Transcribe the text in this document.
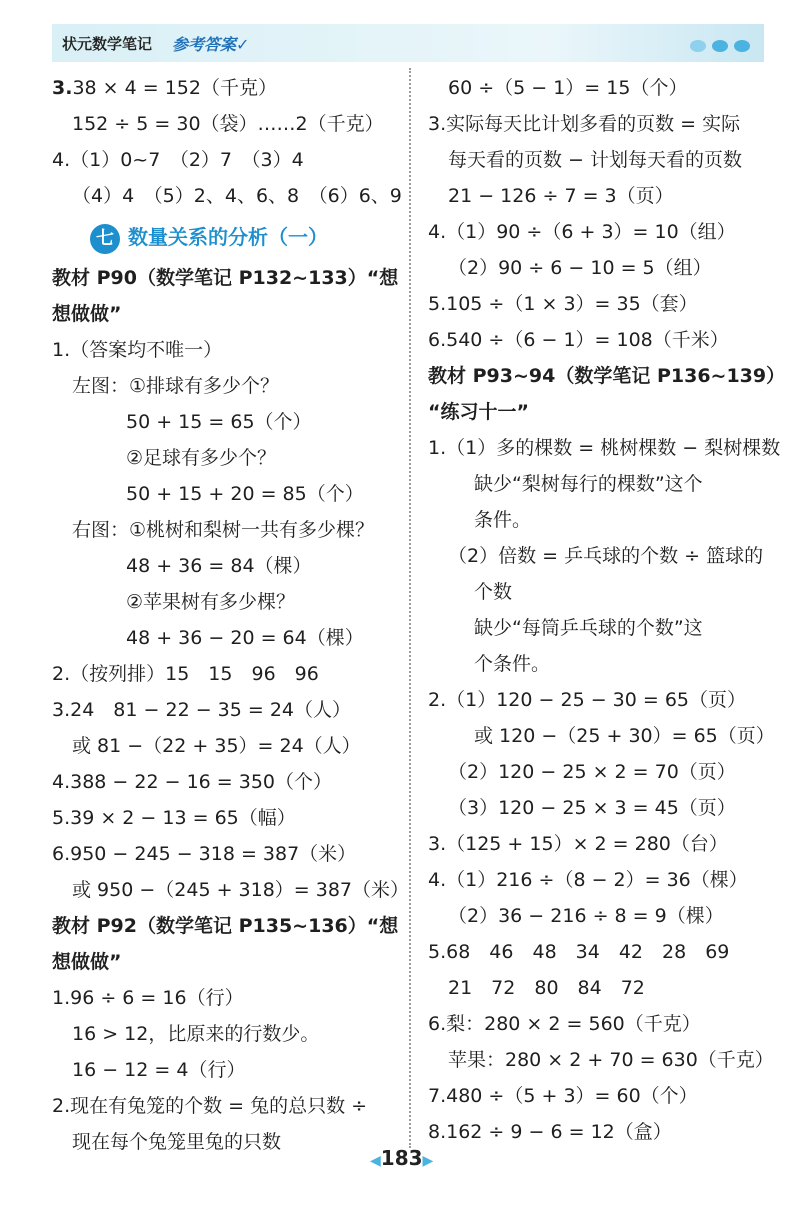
状元数学笔记 参考答案✓
3.38 × 4 = 152（千克）
152 ÷ 5 = 30（袋）……2（千克）
4.（1）0~7　（2）7　（3）4
（4）4　（5）2、4、6、8　（6）6、9
七 数量关系的分析（一）
教材 P90（数学笔记 P132~133）“想
想做做”
1.（答案均不唯一）
左图：①排球有多少个？
50 + 15 = 65（个）
②足球有多少个？
50 + 15 + 20 = 85（个）
右图：①桃树和梨树一共有多少棵？
48 + 36 = 84（棵）
②苹果树有多少棵？
48 + 36 − 20 = 64（棵）
2.（按列排）15　15　96　96
3.24　81 − 22 − 35 = 24（人）
或 81 −（22 + 35）= 24（人）
4.388 − 22 − 16 = 350（个）
5.39 × 2 − 13 = 65（幅）
6.950 − 245 − 318 = 387（米）
或 950 −（245 + 318）= 387（米）
教材 P92（数学笔记 P135~136）“想
想做做”
1.96 ÷ 6 = 16（行）
16 > 12，比原来的行数少。
16 − 12 = 4（行）
2.现在有兔笼的个数 = 兔的总只数 ÷
现在每个兔笼里兔的只数
60 ÷（5 − 1）= 15（个）
3.实际每天比计划多看的页数 = 实际
每天看的页数 − 计划每天看的页数
21 − 126 ÷ 7 = 3（页）
4.（1）90 ÷（6 + 3）= 10（组）
（2）90 ÷ 6 − 10 = 5（组）
5.105 ÷（1 × 3）= 35（套）
6.540 ÷（6 − 1）= 108（千米）
教材 P93~94（数学笔记 P136~139）
“练习十一”
1.（1）多的棵数 = 桃树棵数 − 梨树棵数
缺少“梨树每行的棵数”这个
条件。
（2）倍数 = 乒乓球的个数 ÷ 篮球的
个数
缺少“每筒乒乓球的个数”这
个条件。
2.（1）120 − 25 − 30 = 65（页）
或 120 −（25 + 30）= 65（页）
（2）120 − 25 × 2 = 70（页）
（3）120 − 25 × 3 = 45（页）
3.（125 + 15）× 2 = 280（台）
4.（1）216 ÷（8 − 2）= 36（棵）
（2）36 − 216 ÷ 8 = 9（棵）
5.68　46　48　34　42　28　69
21　72　80　84　72
6.梨：280 × 2 = 560（千克）
苹果：280 × 2 + 70 = 630（千克）
7.480 ÷（5 + 3）= 60（个）
8.162 ÷ 9 − 6 = 12（盒）
◀183▶
